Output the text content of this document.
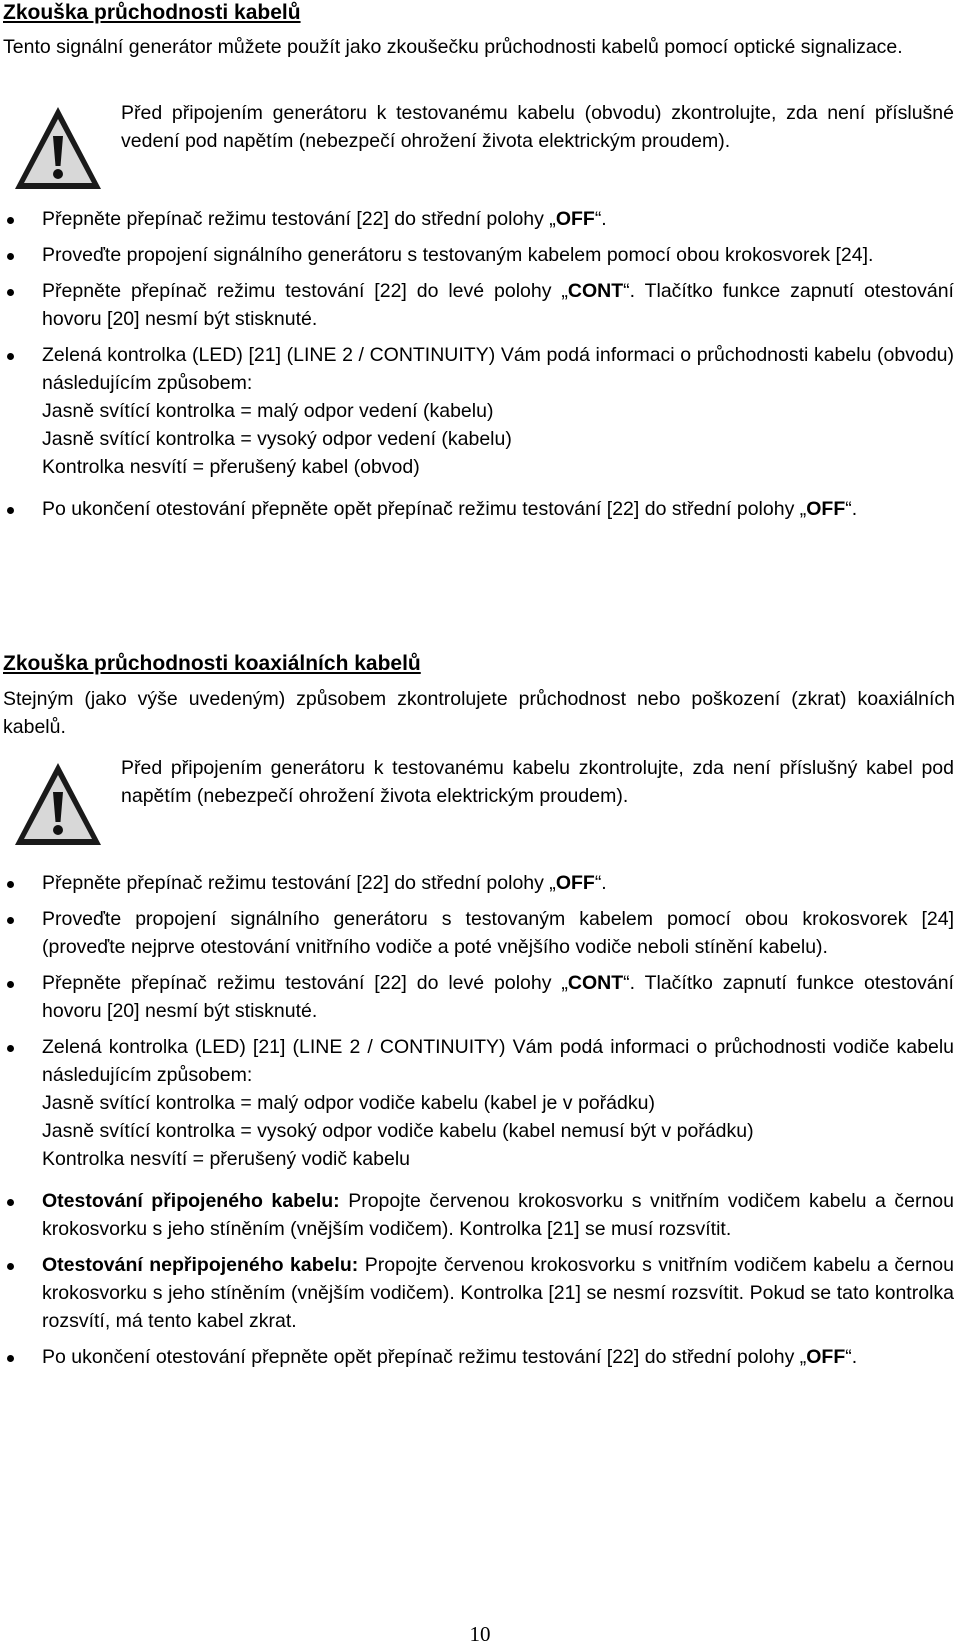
Zkouška průchodnosti kabelů

Tento signální generátor můžete použít jako zkoušečku průchodnosti kabelů pomocí optické signalizace.

Před připojením generátoru k testovanému kabelu (obvodu) zkontrolujte, zda není příslušné vedení pod napětím (nebezpečí ohrožení života elektrickým proudem).

Přepněte přepínač režimu testování [22] do střední polohy „OFF“.
Proveďte propojení signálního generátoru s testovaným kabelem pomocí obou krokosvorek [24].
Přepněte přepínač režimu testování [22] do levé polohy „CONT“. Tlačítko funkce zapnutí otestování hovoru [20] nesmí být stisknuté.
Zelená kontrolka (LED) [21] (LINE 2 / CONTINUITY) Vám podá informaci o průchodnosti kabelu (obvodu) následujícím způsobem:
Jasně svítící kontrolka = malý odpor vedení (kabelu)
Jasně svítící kontrolka = vysoký odpor vedení (kabelu)
Kontrolka nesvítí = přerušený kabel (obvod)
Po ukončení otestování přepněte opět přepínač režimu testování [22] do střední polohy „OFF“.
Zkouška průchodnosti koaxiálních kabelů

Stejným (jako výše uvedeným) způsobem zkontrolujete průchodnost nebo poškození (zkrat) koaxiálních kabelů.

Před připojením generátoru k testovanému kabelu zkontrolujte, zda není příslušný kabel pod napětím (nebezpečí ohrožení života elektrickým proudem).

Přepněte přepínač režimu testování [22] do střední polohy „OFF“.
Proveďte propojení signálního generátoru s testovaným kabelem pomocí obou krokosvorek [24] (proveďte nejprve otestování vnitřního vodiče a poté vnějšího vodiče neboli stínění kabelu).
Přepněte přepínač režimu testování [22] do levé polohy „CONT“. Tlačítko zapnutí funkce otestování hovoru [20] nesmí být stisknuté.
Zelená kontrolka (LED) [21] (LINE 2 / CONTINUITY) Vám podá informaci o průchodnosti vodiče kabelu následujícím způsobem:
Jasně svítící kontrolka = malý odpor vodiče kabelu (kabel je v pořádku)
Jasně svítící kontrolka = vysoký odpor vodiče kabelu (kabel nemusí být v pořádku)
Kontrolka nesvítí = přerušený vodič kabelu
Otestování připojeného kabelu: Propojte červenou krokosvorku s vnitřním vodičem kabelu a černou krokosvorku s jeho stíněním (vnějším vodičem). Kontrolka [21] se musí rozsvítit.
Otestování nepřipojeného kabelu: Propojte červenou krokosvorku s vnitřním vodičem kabelu a černou krokosvorku s jeho stíněním (vnějším vodičem). Kontrolka [21] se nesmí rozsvítit. Pokud se tato kontrolka rozsvítí, má tento kabel zkrat.
Po ukončení otestování přepněte opět přepínač režimu testování [22] do střední polohy „OFF“.
10
